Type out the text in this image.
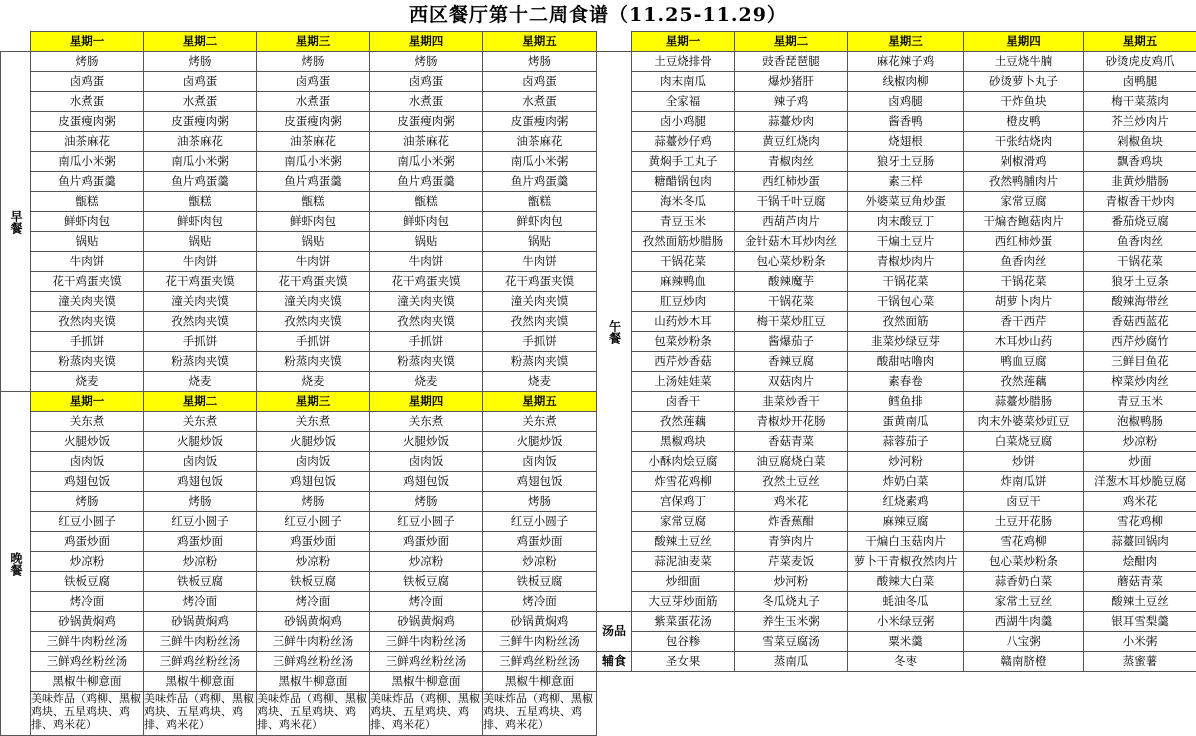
西区餐厅第十二周食谱（11.25-11.29）
	星期一	星期二	星期三	星期四	星期五
早餐	烤肠	烤肠	烤肠	烤肠	烤肠
	卤鸡蛋	卤鸡蛋	卤鸡蛋	卤鸡蛋	卤鸡蛋
	水煮蛋	水煮蛋	水煮蛋	水煮蛋	水煮蛋
	皮蛋瘦肉粥	皮蛋瘦肉粥	皮蛋瘦肉粥	皮蛋瘦肉粥	皮蛋瘦肉粥
	油茶麻花	油茶麻花	油茶麻花	油茶麻花	油茶麻花
	南瓜小米粥	南瓜小米粥	南瓜小米粥	南瓜小米粥	南瓜小米粥
	鱼片鸡蛋羹	鱼片鸡蛋羹	鱼片鸡蛋羹	鱼片鸡蛋羹	鱼片鸡蛋羹
	甑糕	甑糕	甑糕	甑糕	甑糕
	鲜虾肉包	鲜虾肉包	鲜虾肉包	鲜虾肉包	鲜虾肉包
	锅贴	锅贴	锅贴	锅贴	锅贴
	牛肉饼	牛肉饼	牛肉饼	牛肉饼	牛肉饼
	花干鸡蛋夹馍	花干鸡蛋夹馍	花干鸡蛋夹馍	花干鸡蛋夹馍	花干鸡蛋夹馍
	潼关肉夹馍	潼关肉夹馍	潼关肉夹馍	潼关肉夹馍	潼关肉夹馍
	孜然肉夹馍	孜然肉夹馍	孜然肉夹馍	孜然肉夹馍	孜然肉夹馍
	手抓饼	手抓饼	手抓饼	手抓饼	手抓饼
	粉蒸肉夹馍	粉蒸肉夹馍	粉蒸肉夹馍	粉蒸肉夹馍	粉蒸肉夹馍
	烧麦	烧麦	烧麦	烧麦	烧麦
晚餐	星期一	星期二	星期三	星期四	星期五
	关东煮	关东煮	关东煮	关东煮	关东煮
	火腿炒饭	火腿炒饭	火腿炒饭	火腿炒饭	火腿炒饭
	卤肉饭	卤肉饭	卤肉饭	卤肉饭	卤肉饭
	鸡翅包饭	鸡翅包饭	鸡翅包饭	鸡翅包饭	鸡翅包饭
	烤肠	烤肠	烤肠	烤肠	烤肠
	红豆小圆子	红豆小圆子	红豆小圆子	红豆小圆子	红豆小圆子
	鸡蛋炒面	鸡蛋炒面	鸡蛋炒面	鸡蛋炒面	鸡蛋炒面
	炒凉粉	炒凉粉	炒凉粉	炒凉粉	炒凉粉
	铁板豆腐	铁板豆腐	铁板豆腐	铁板豆腐	铁板豆腐
	烤冷面	烤冷面	烤冷面	烤冷面	烤冷面
	砂锅黄焖鸡	砂锅黄焖鸡	砂锅黄焖鸡	砂锅黄焖鸡	砂锅黄焖鸡
	三鲜牛肉粉丝汤	三鲜牛肉粉丝汤	三鲜牛肉粉丝汤	三鲜牛肉粉丝汤	三鲜牛肉粉丝汤
	三鲜鸡丝粉丝汤	三鲜鸡丝粉丝汤	三鲜鸡丝粉丝汤	三鲜鸡丝粉丝汤	三鲜鸡丝粉丝汤
	黑椒牛柳意面	黑椒牛柳意面	黑椒牛柳意面	黑椒牛柳意面	黑椒牛柳意面
	美味炸品（鸡柳、黑椒鸡块、五星鸡块、鸡排、鸡米花）	美味炸品（鸡柳、黑椒鸡块、五星鸡块、鸡排、鸡米花）	美味炸品（鸡柳、黑椒鸡块、五星鸡块、鸡排、鸡米花）	美味炸品（鸡柳、黑椒鸡块、五星鸡块、鸡排、鸡米花）	美味炸品（鸡柳、黑椒鸡块、五星鸡块、鸡排、鸡米花）
	星期一	星期二	星期三	星期四	星期五
午餐	土豆烧排骨	豉香琵琶腿	麻花辣子鸡	土豆烧牛腩	砂烫虎皮鸡爪
	肉末南瓜	爆炒猪肝	线椒肉柳	砂烫萝卜丸子	卤鸭腿
	全家福	辣子鸡	卤鸡腿	干炸鱼块	梅干菜蒸肉
	卤小鸡腿	蒜薹炒肉	酱香鸭	橙皮鸭	芥兰炒肉片
	蒜薹炒仔鸡	黄豆红烧肉	烧翅根	干张结烧肉	剁椒鱼块
	黄焖手工丸子	青椒肉丝	狼牙土豆肠	剁椒滑鸡	飘香鸡块
	糖醋锅包肉	西红柿炒蛋	素三样	孜然鸭脯肉片	韭黄炒腊肠
	海米冬瓜	干锅千叶豆腐	外婆菜豆角炒蛋	家常豆腐	青椒香干炒肉
	青豆玉米	西葫芦肉片	肉末酸豆丁	干煸杏鲍菇肉片	番茄烧豆腐
	孜然面筋炒腊肠	金针菇木耳炒肉丝	干煸土豆片	西红柿炒蛋	鱼香肉丝
	干锅花菜	包心菜炒粉条	青椒炒肉片	鱼香肉丝	干锅花菜
	麻辣鸭血	酸辣魔芋	干锅花菜	干锅花菜	狼牙土豆条
	肛豆炒肉	干锅花菜	干锅包心菜	胡萝卜肉片	酸辣海带丝
	山药炒木耳	梅干菜炒肛豆	孜然面筋	香干西芹	香菇西蓝花
	包菜炒粉条	酱爆茄子	韭菜炒绿豆芽	木耳炒山药	西芹炒腐竹
	西芹炒香菇	香辣豆腐	酸甜咕噜肉	鸭血豆腐	三鲜目鱼花
	上汤娃娃菜	双菇肉片	素春卷	孜然莲藕	榨菜炒肉丝
	卤香干	韭菜炒香干	鳕鱼排	蒜薹炒腊肠	青豆玉米
	孜然莲藕	青椒炒开花肠	蛋黄南瓜	肉末外婆菜炒豇豆	泡椒鸭肠
	黑椒鸡块	香菇青菜	蒜蓉茄子	白菜烧豆腐	炒凉粉
	小酥肉烩豆腐	油豆腐烧白菜	炒河粉	炒饼	炒面
	炸雪花鸡柳	孜然土豆丝	炸奶白菜	炸南瓜饼	洋葱木耳炒脆豆腐
	宫保鸡丁	鸡米花	红烧素鸡	卤豆干	鸡米花
	家常豆腐	炸香蕉酣	麻辣豆腐	土豆开花肠	雪花鸡柳
	酸辣土豆丝	青笋肉片	干煸白玉菇肉片	雪花鸡柳	蒜薹回锅肉
	蒜泥油麦菜	芹菜麦饭	萝卜干青椒孜然肉片	包心菜炒粉条	烩酣肉
	炒细面	炒河粉	酸辣大白菜	蒜香奶白菜	蘑菇青菜
	大豆芽炒面筋	冬瓜烧丸子	蚝油冬瓜	家常土豆丝	酸辣土豆丝
汤品	紫菜蛋花汤	养生玉米粥	小米绿豆粥	西湖牛肉羹	银耳雪梨羹
	包谷糁	雪菜豆腐汤	粟米羹	八宝粥	小米粥
辅食	圣女果	蒸南瓜	冬枣	赣南脐橙	蒸蜜薯
